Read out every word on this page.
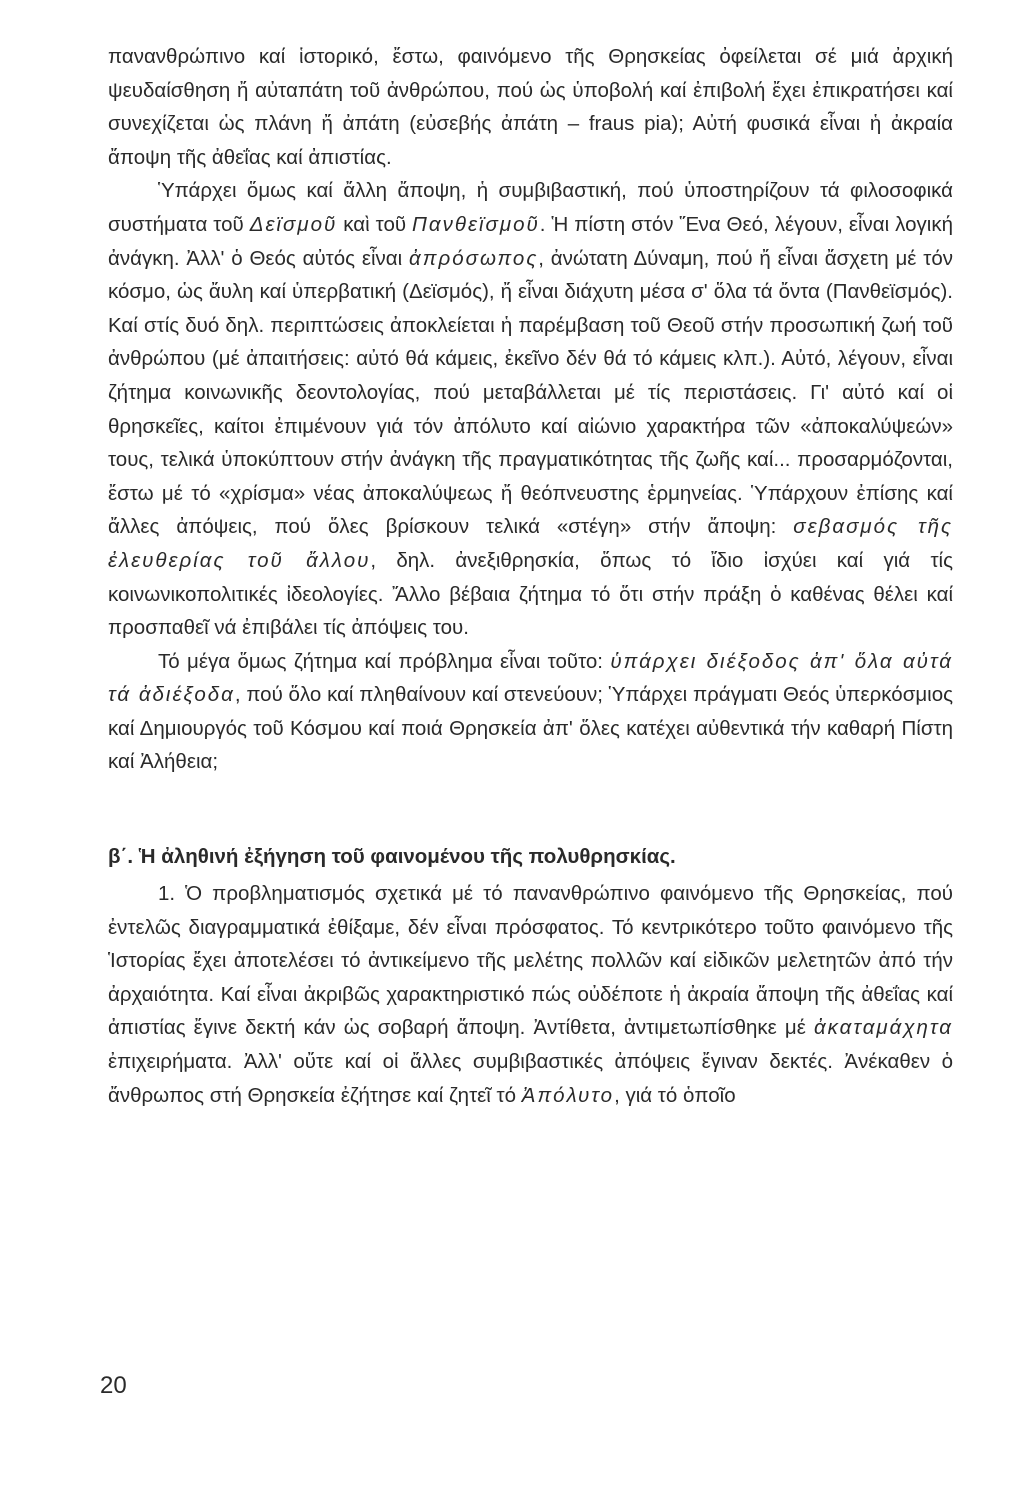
πανανθρώπινο καί ἱστορικό, ἔστω, φαινόμενο τῆς Θρησκείας ὀφείλεται σέ μιά ἀρχική ψευδαίσθηση ἤ αὐταπάτη τοῦ ἀνθρώπου, πού ὡς ὑποβολή καί ἐπιβολή ἔχει ἐπικρατήσει καί συνεχίζεται ὡς πλάνη ἤ ἀπάτη (εὐσεβής ἀπάτη – fraus pia); Αὐτή φυσικά εἶναι ἡ ἀκραία ἄποψη τῆς ἀθεΐας καί ἀπιστίας.

Ὑπάρχει ὅμως καί ἄλλη ἄποψη, ἡ συμβιβαστική, πού ὑποστηρίζουν τά φιλοσοφικά συστήματα τοῦ Δεϊσμοῦ καὶ τοῦ Πανθεϊσμοῦ. Ἡ πίστη στόν Ἕνα Θεό, λέγουν, εἶναι λογική ἀνάγκη. Ἀλλ' ὁ Θεός αὐτός εἶναι ἀπρόσωπος, ἀνώτατη Δύναμη, πού ἤ εἶναι ἄσχετη μέ τόν κόσμο, ὡς ἄυλη καί ὑπερβατική (Δεϊσμός), ἤ εἶναι διάχυτη μέσα σ' ὅλα τά ὄντα (Πανθεϊσμός). Καί στίς δυό δηλ. περιπτώσεις ἀποκλείεται ἡ παρέμβαση τοῦ Θεοῦ στήν προσωπική ζωή τοῦ ἀνθρώπου (μέ ἀπαιτήσεις: αὐτό θά κάμεις, ἐκεῖνο δέν θά τό κάμεις κλπ.). Αὐτό, λέγουν, εἶναι ζήτημα κοινωνικῆς δεοντολογίας, πού μεταβάλλεται μέ τίς περιστάσεις. Γι' αὐτό καί οἱ θρησκεῖες, καίτοι ἐπιμένουν γιά τόν ἀπόλυτο καί αἰώνιο χαρακτήρα τῶν «ἀποκαλύψεών» τους, τελικά ὑποκύπτουν στήν ἀνάγκη τῆς πραγματικότητας τῆς ζωῆς καί... προσαρμόζονται, ἔστω μέ τό «χρίσμα» νέας ἀποκαλύψεως ἤ θεόπνευστης ἑρμηνείας. Ὑπάρχουν ἐπίσης καί ἄλλες ἀπόψεις, πού ὅλες βρίσκουν τελικά «στέγη» στήν ἄποψη: σεβασμός τῆς ἐλευθερίας τοῦ ἄλλου, δηλ. ἀνεξιθρησκία, ὅπως τό ἴδιο ἰσχύει καί γιά τίς κοινωνικοπολιτικές ἰδεολογίες. Ἄλλο βέβαια ζήτημα τό ὅτι στήν πράξη ὁ καθένας θέλει καί προσπαθεῖ νά ἐπιβάλει τίς ἀπόψεις του.

Τό μέγα ὅμως ζήτημα καί πρόβλημα εἶναι τοῦτο: ὑπάρχει διέξοδος ἀπ' ὅλα αὐτά τά ἀδιέξοδα, πού ὅλο καί πληθαίνουν καί στενεύουν; Ὑπάρχει πράγματι Θεός ὑπερκόσμιος καί Δημιουργός τοῦ Κόσμου καί ποιά Θρησκεία ἀπ' ὅλες κατέχει αὐθεντικά τήν καθαρή Πίστη καί Ἀλήθεια;

β΄. Ἡ ἀληθινή ἐξήγηση τοῦ φαινομένου τῆς πολυθρησκίας.

1. Ὁ προβληματισμός σχετικά μέ τό πανανθρώπινο φαινόμενο τῆς Θρησκείας, πού ἐντελῶς διαγραμματικά ἐθίξαμε, δέν εἶναι πρόσφατος. Τό κεντρικότερο τοῦτο φαινόμενο τῆς Ἱστορίας ἔχει ἀποτελέσει τό ἀντικείμενο τῆς μελέτης πολλῶν καί εἰδικῶν μελετητῶν ἀπό τήν ἀρχαιότητα. Καί εἶναι ἀκριβῶς χαρακτηριστικό πώς οὐδέποτε ἡ ἀκραία ἄποψη τῆς ἀθεΐας καί ἀπιστίας ἔγινε δεκτή κάν ὡς σοβαρή ἄποψη. Ἀντίθετα, ἀντιμετωπίσθηκε μέ ἀκαταμάχητα ἐπιχειρήματα. Ἀλλ' οὔτε καί οἱ ἄλλες συμβιβαστικές ἀπόψεις ἔγιναν δεκτές. Ἀνέκαθεν ὁ ἄνθρωπος στή Θρησκεία ἐζήτησε καί ζητεῖ τό Ἀπόλυτο, γιά τό ὁποῖο

20
